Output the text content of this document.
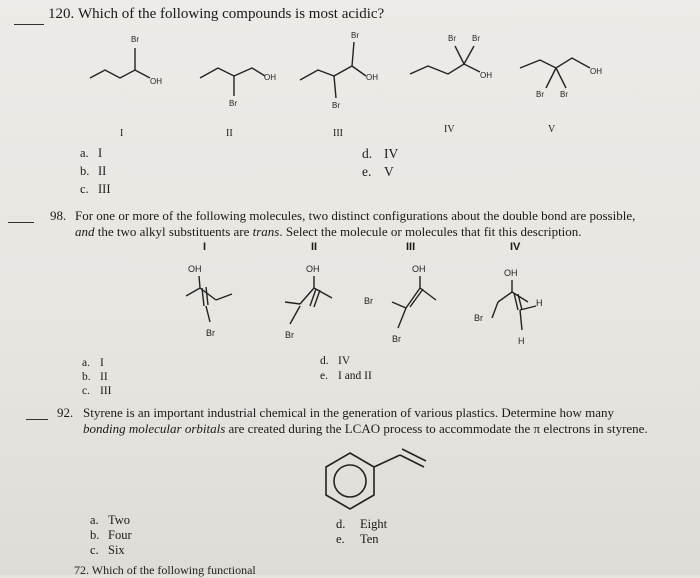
120. Which of the following compounds is most acidic?
Br
OH	OH
Br
Br
OH
Br
Br Br
OH	OH
Br Br
I	II	III	IV	V
a. I
b. II
c. III
d. IV
e. V
98. For one or more of the following molecules, two distinct configurations about the double bond are possible,
and the two alkyl substituents are trans. Select the molecule or molecules that fit this description.
I	II	III	IV
OH
Br
OH
Br
OH
Br
Br
OH
H
Br
H
a. I
b. II
c. III
d. IV
e. I and II
92. Styrene is an important industrial chemical in the generation of various plastics. Determine how many
bonding molecular orbitals are created during the LCAO process to accommodate the π electrons in styrene.
a. Two
b. Four
c. Six
d. Eight
e. Ten
72. Which of the following functional
